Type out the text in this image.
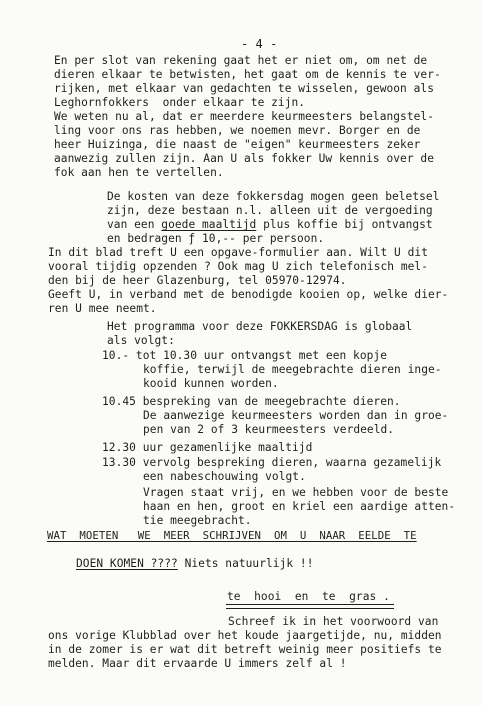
- 4 -
En per slot van rekening gaat het er niet om, om net de
dieren elkaar te betwisten, het gaat om de kennis te ver-
rijken, met elkaar van gedachten te wisselen, gewoon als
Leghornfokkers  onder elkaar te zijn.
We weten nu al, dat er meerdere keurmeesters belangstel-
ling voor ons ras hebben, we noemen mevr. Borger en de
heer Huizinga, die naast de "eigen" keurmeesters zeker
aanwezig zullen zijn. Aan U als fokker Uw kennis over de
fok aan hen te vertellen.
De kosten van deze fokkersdag mogen geen beletsel
zijn, deze bestaan n.l. alleen uit de vergoeding
van een goede maaltijd plus koffie bij ontvangst
en bedragen ƒ 10,-- per persoon.
In dit blad treft U een opgave-formulier aan. Wilt U dit
vooral tijdig opzenden ? Ook mag U zich telefonisch mel-
den bij de heer Glazenburg, tel 05970-12974.
Geeft U, in verband met de benodigde kooien op, welke dier-
ren U mee neemt.
Het programma voor deze FOKKERSDAG is globaal
als volgt:
10.- tot 10.30 uur ontvangst met een kopje
koffie, terwijl de meegebrachte dieren inge-
kooid kunnen worden.
10.45 bespreking van de meegebrachte dieren.
De aanwezige keurmeesters worden dan in groe-
pen van 2 of 3 keurmeesters verdeeld.
12.30 uur gezamenlijke maaltijd
13.30 vervolg bespreking dieren, waarna gezamelijk
een nabeschouwing volgt.
Vragen staat vrij, en we hebben voor de beste
haan en hen, groot en kriel een aardige atten-
tie meegebracht.
WAT  MOETEN   WE  MEER  SCHRIJVEN  OM  U  NAAR  EELDE  TE
DOEN KOMEN ???? Niets natuurlijk !!
te  hooi  en  te  gras .
Schreef ik in het voorwoord van
ons vorige Klubblad over het koude jaargetijde, nu, midden
in de zomer is er wat dit betreft weinig meer positiefs te
melden. Maar dit ervaarde U immers zelf al !
